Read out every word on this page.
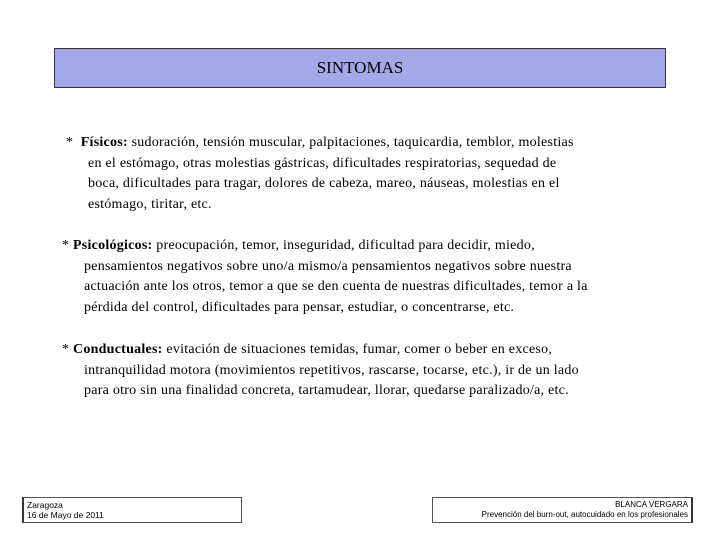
SINTOMAS
* Físicos: sudoración, tensión muscular, palpitaciones, taquicardia, temblor, molestias
en el estómago, otras molestias gástricas, dificultades respiratorias, sequedad de
boca, dificultades para tragar, dolores de cabeza, mareo, náuseas, molestias en el
estómago, tiritar, etc.
* Psicológicos: preocupación, temor, inseguridad, dificultad para decidir, miedo,
pensamientos negativos sobre uno/a mismo/a pensamientos negativos sobre nuestra
actuación ante los otros, temor a que se den cuenta de nuestras dificultades, temor a la
pérdida del control, dificultades para pensar, estudiar, o concentrarse, etc.
* Conductuales: evitación de situaciones temidas, fumar, comer o beber en exceso,
intranquilidad motora (movimientos repetitivos, rascarse, tocarse, etc.), ir de un lado
para otro sin una finalidad concreta, tartamudear, llorar, quedarse paralizado/a, etc.
Zaragoza
16 de Mayo de 2011
BLANCA VERGARA
Prevención del burn-out, autocuidado en los profesionales
